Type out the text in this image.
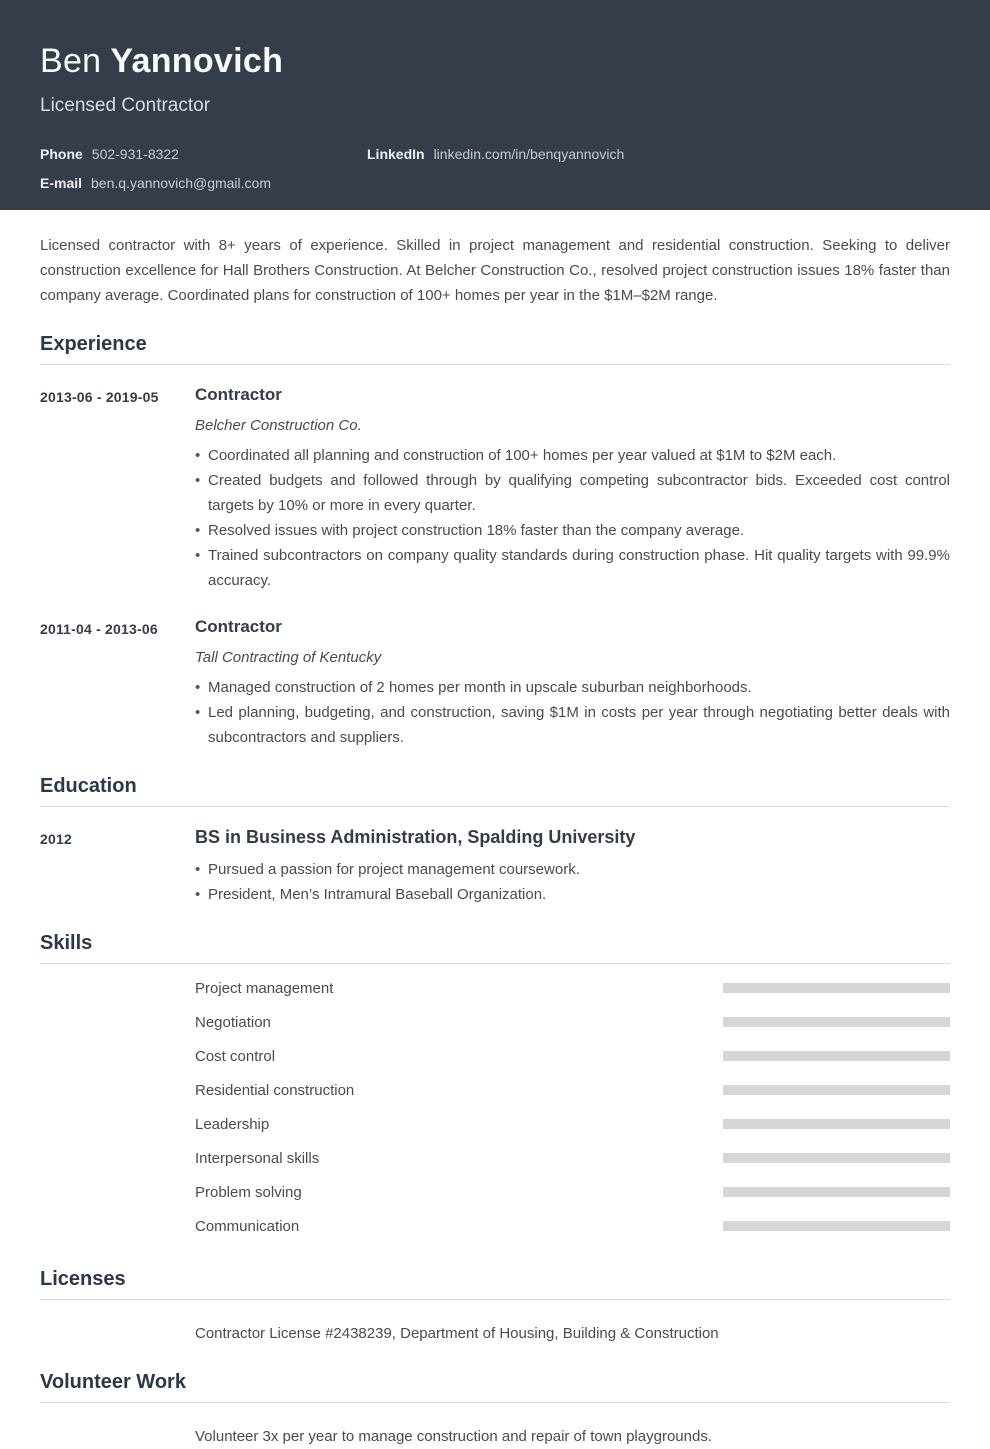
Ben Yannovich
Licensed Contractor
Phone 502-931-8322	LinkedIn linkedin.com/in/benqyannovich
E-mail ben.q.yannovich@gmail.com

Licensed contractor with 8+ years of experience. Skilled in project management and residential construction. Seeking to deliver construction excellence for Hall Brothers Construction. At Belcher Construction Co., resolved project construction issues 18% faster than company average. Coordinated plans for construction of 100+ homes per year in the $1M–$2M range.

Experience
2013-06 - 2019-05	Contractor
Belcher Construction Co.
• Coordinated all planning and construction of 100+ homes per year valued at $1M to $2M each.
• Created budgets and followed through by qualifying competing subcontractor bids. Exceeded cost control targets by 10% or more in every quarter.
• Resolved issues with project construction 18% faster than the company average.
• Trained subcontractors on company quality standards during construction phase. Hit quality targets with 99.9% accuracy.
2011-04 - 2013-06	Contractor
Tall Contracting of Kentucky
• Managed construction of 2 homes per month in upscale suburban neighborhoods.
• Led planning, budgeting, and construction, saving $1M in costs per year through negotiating better deals with subcontractors and suppliers.
Education
2012	BS in Business Administration, Spalding University
• Pursued a passion for project management coursework.
• President, Men’s Intramural Baseball Organization.
Skills
Project management
Negotiation
Cost control
Residential construction
Leadership
Interpersonal skills
Problem solving
Communication
Licenses
Contractor License #2438239, Department of Housing, Building & Construction
Volunteer Work
Volunteer 3x per year to manage construction and repair of town playgrounds.
